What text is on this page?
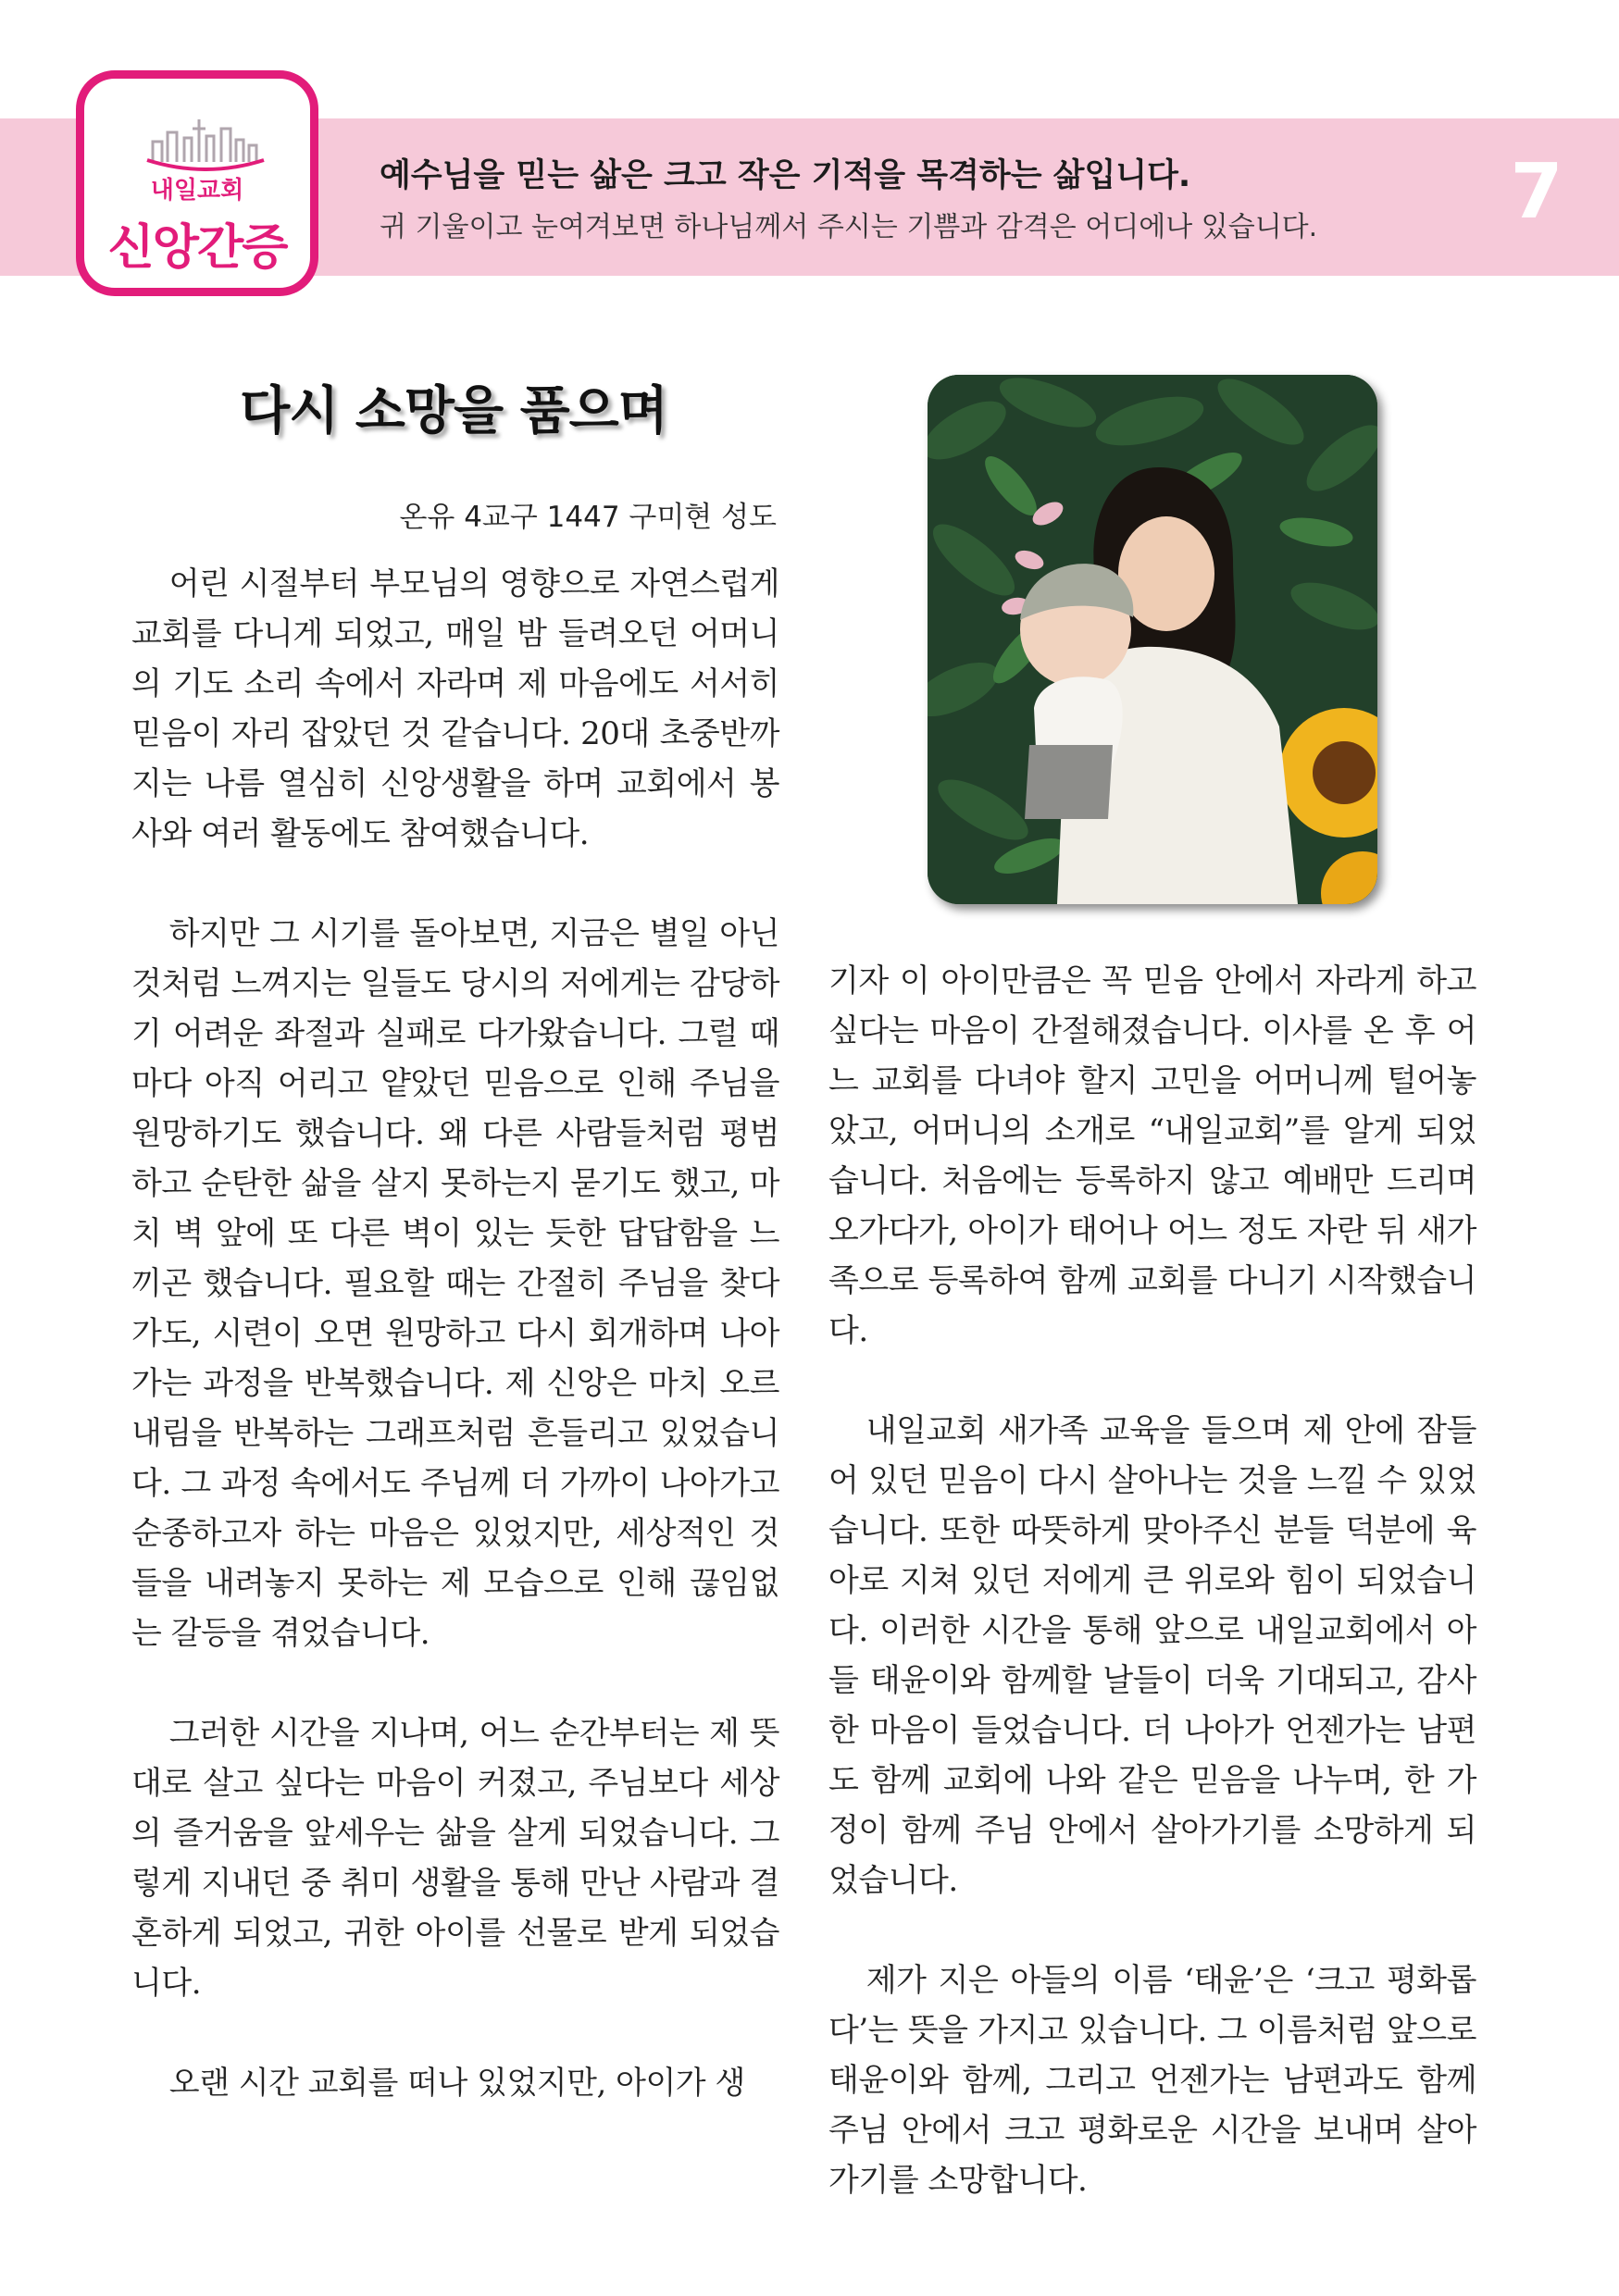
내일교회
신앙간증
예수님을 믿는 삶은 크고 작은 기적을 목격하는 삶입니다.
귀 기울이고 눈여겨보면 하나님께서 주시는 기쁨과 감격은 어디에나 있습니다.	7
다시 소망을 품으며
온유 4교구 1447 구미현 성도

어린 시절부터 부모님의 영향으로 자연스럽게 교회를 다니게 되었고, 매일 밤 들려오던 어머니의 기도 소리 속에서 자라며 제 마음에도 서서히 믿음이 자리 잡았던 것 같습니다. 20대 초중반까지는 나름 열심히 신앙생활을 하며 교회에서 봉사와 여러 활동에도 참여했습니다.

하지만 그 시기를 돌아보면, 지금은 별일 아닌 것처럼 느껴지는 일들도 당시의 저에게는 감당하기 어려운 좌절과 실패로 다가왔습니다. 그럴 때마다 아직 어리고 얕았던 믿음으로 인해 주님을 원망하기도 했습니다. 왜 다른 사람들처럼 평범하고 순탄한 삶을 살지 못하는지 묻기도 했고, 마치 벽 앞에 또 다른 벽이 있는 듯한 답답함을 느끼곤 했습니다. 필요할 때는 간절히 주님을 찾다가도, 시련이 오면 원망하고 다시 회개하며 나아가는 과정을 반복했습니다. 제 신앙은 마치 오르내림을 반복하는 그래프처럼 흔들리고 있었습니다. 그 과정 속에서도 주님께 더 가까이 나아가고 순종하고자 하는 마음은 있었지만, 세상적인 것들을 내려놓지 못하는 제 모습으로 인해 끊임없는 갈등을 겪었습니다.

그러한 시간을 지나며, 어느 순간부터는 제 뜻대로 살고 싶다는 마음이 커졌고, 주님보다 세상의 즐거움을 앞세우는 삶을 살게 되었습니다. 그렇게 지내던 중 취미 생활을 통해 만난 사람과 결혼하게 되었고, 귀한 아이를 선물로 받게 되었습니다.

오랜 시간 교회를 떠나 있었지만, 아이가 생

기자 이 아이만큼은 꼭 믿음 안에서 자라게 하고 싶다는 마음이 간절해졌습니다. 이사를 온 후 어느 교회를 다녀야 할지 고민을 어머니께 털어놓았고, 어머니의 소개로 “내일교회”를 알게 되었습니다. 처음에는 등록하지 않고 예배만 드리며 오가다가, 아이가 태어나 어느 정도 자란 뒤 새가족으로 등록하여 함께 교회를 다니기 시작했습니다.

내일교회 새가족 교육을 들으며 제 안에 잠들어 있던 믿음이 다시 살아나는 것을 느낄 수 있었습니다. 또한 따뜻하게 맞아주신 분들 덕분에 육아로 지쳐 있던 저에게 큰 위로와 힘이 되었습니다. 이러한 시간을 통해 앞으로 내일교회에서 아들 태윤이와 함께할 날들이 더욱 기대되고, 감사한 마음이 들었습니다. 더 나아가 언젠가는 남편도 함께 교회에 나와 같은 믿음을 나누며, 한 가정이 함께 주님 안에서 살아가기를 소망하게 되었습니다.

제가 지은 아들의 이름 ‘태윤’은 ‘크고 평화롭다’는 뜻을 가지고 있습니다. 그 이름처럼 앞으로 태윤이와 함께, 그리고 언젠가는 남편과도 함께 주님 안에서 크고 평화로운 시간을 보내며 살아가기를 소망합니다.
